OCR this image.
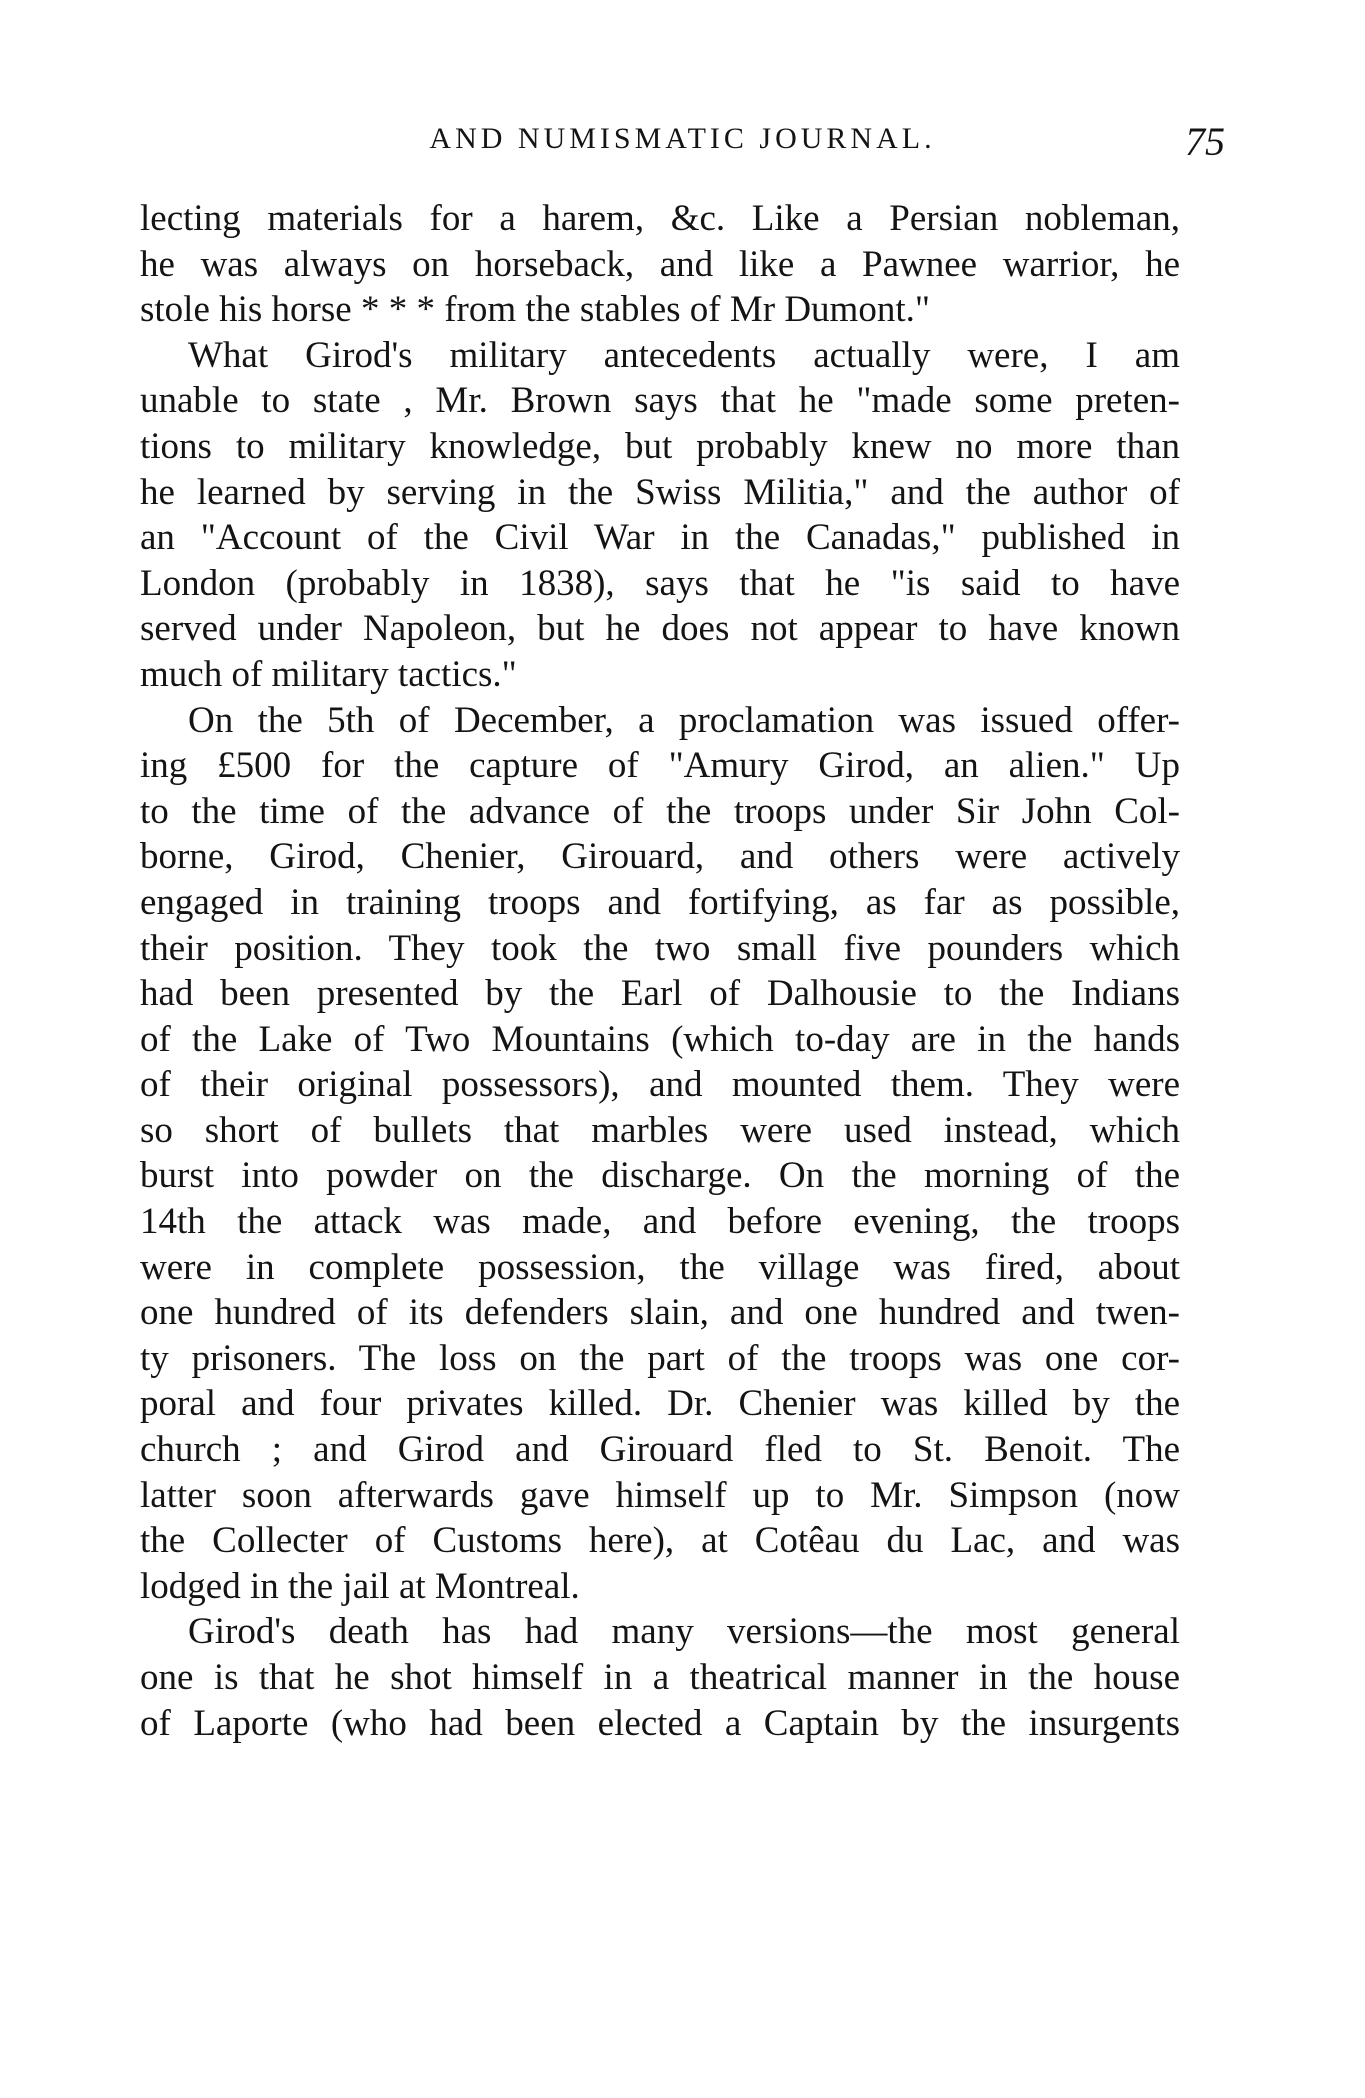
AND NUMISMATIC JOURNAL.	75
lecting materials for a harem, &c. Like a Persian nobleman,
he was always on horseback, and like a Pawnee warrior, he
stole his horse * * * from the stables of Mr Dumont."
What Girod's military antecedents actually were, I am
unable to state , Mr. Brown says that he "made some preten-
tions to military knowledge, but probably knew no more than
he learned by serving in the Swiss Militia," and the author of
an "Account of the Civil War in the Canadas," published in
London (probably in 1838), says that he "is said to have
served under Napoleon, but he does not appear to have known
much of military tactics."
On the 5th of December, a proclamation was issued offer-
ing £500 for the capture of "Amury Girod, an alien." Up
to the time of the advance of the troops under Sir John Col-
borne, Girod, Chenier, Girouard, and others were actively
engaged in training troops and fortifying, as far as possible,
their position. They took the two small five pounders which
had been presented by the Earl of Dalhousie to the Indians
of the Lake of Two Mountains (which to-day are in the hands
of their original possessors), and mounted them. They were
so short of bullets that marbles were used instead, which
burst into powder on the discharge. On the morning of the
14th the attack was made, and before evening, the troops
were in complete possession, the village was fired, about
one hundred of its defenders slain, and one hundred and twen-
ty prisoners. The loss on the part of the troops was one cor-
poral and four privates killed. Dr. Chenier was killed by the
church ; and Girod and Girouard fled to St. Benoit. The
latter soon afterwards gave himself up to Mr. Simpson (now
the Collecter of Customs here), at Cotêau du Lac, and was
lodged in the jail at Montreal.
Girod's death has had many versions—the most general
one is that he shot himself in a theatrical manner in the house
of Laporte (who had been elected a Captain by the insurgents
